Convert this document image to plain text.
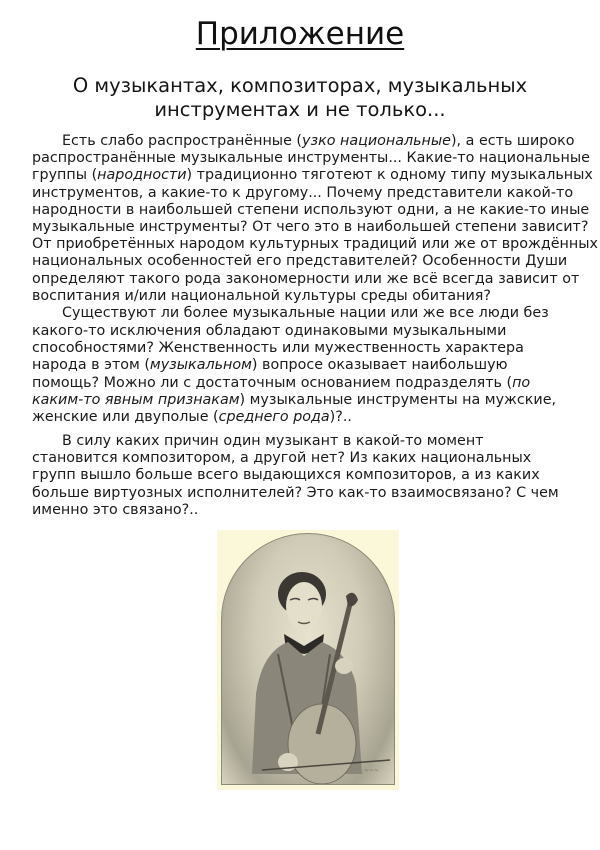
Приложение
О музыкантах, композиторах, музыкальных
инструментах и не только...
Есть слабо распространённые (узко национальные), а есть широко
распространённые музыкальные инструменты... Какие-то национальные
группы (народности) традиционно тяготеют к одному типу музыкальных
инструментов, а какие-то к другому... Почему представители какой-то
народности в наибольшей степени используют одни, а не какие-то иные
музыкальные инструменты? От чего это в наибольшей степени зависит?
От приобретённых народом культурных традиций или же от врождённых
национальных особенностей его представителей? Особенности Души
определяют такого рода закономерности или же всё всегда зависит от
воспитания и/или национальной культуры среды обитания?
Существуют ли более музыкальные нации или же все люди без
какого-то исключения обладают одинаковыми музыкальными
способностями? Женственность или мужественность характера
народа в этом (музыкальном) вопросе оказывает наибольшую
помощь? Можно ли с достаточным основанием подразделять (по
каким-то явным признакам) музыкальные инструменты на мужские,
женские или двуполые (среднего рода)?..
В силу каких причин один музыкант в какой-то момент
становится композитором, а другой нет? Из каких национальных
групп вышло больше всего выдающихся композиторов, а из каких
больше виртуозных исполнителей? Это как-то взаимосвязано? С чем
именно это связано?..
~~~
